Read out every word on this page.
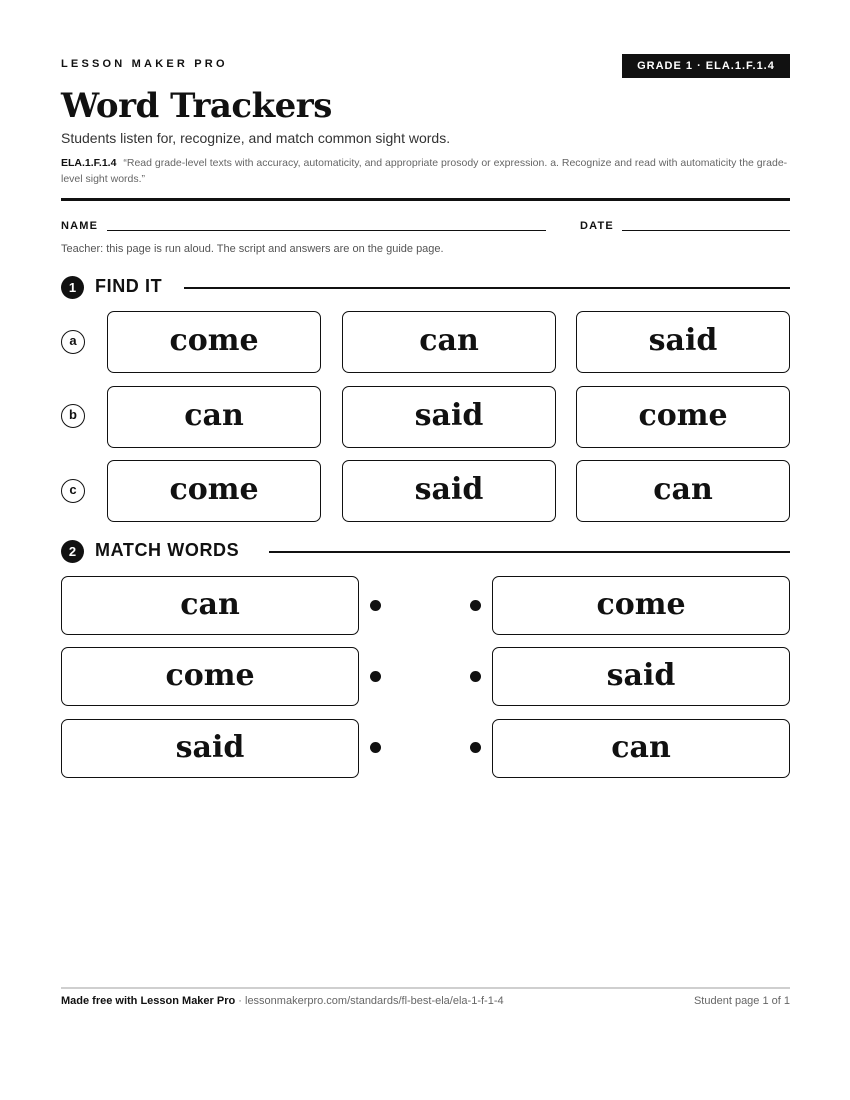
LESSON MAKER PRO	GRADE 1 · ELA.1.F.1.4
Word Trackers
Students listen for, recognize, and match common sight words.
ELA.1.F.1.4 “Read grade-level texts with accuracy, automaticity, and appropriate prosody or expression. a. Recognize and read with automaticity the grade-level sight words.”
NAME	DATE
Teacher: this page is run aloud. The script and answers are on the guide page.
1	FIND IT
a	come	can	said
b	can	said	come
c	come	said	can
2	MATCH WORDS
can	come
come	said
said	can
Made free with Lesson Maker Pro · lessonmakerpro.com/standards/fl-best-ela/ela-1-f-1-4	Student page 1 of 1
